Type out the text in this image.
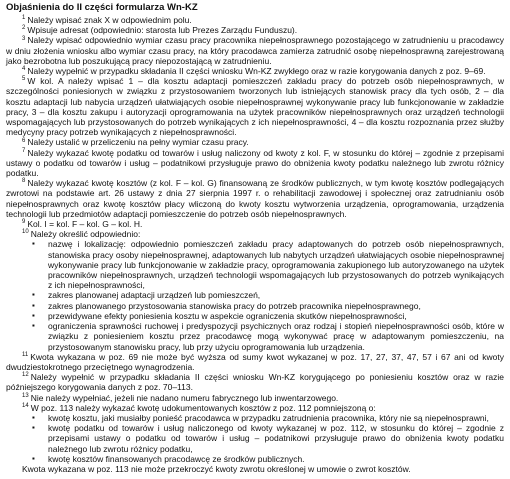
Objaśnienia do II części formularza Wn-KZ

$^1$ Należy wpisać znak X w odpowiednim polu.

$^2$ Wpisuje adresat (odpowiednio: starosta lub Prezes Zarządu Funduszu).

$^3$ Należy wpisać odpowiednio wymiar czasu pracy pracownika niepełnosprawnego pozostającego w zatrudnieniu u pracodawcy w dniu złożenia wniosku albo wymiar czasu pracy, na który pracodawca zamierza zatrudnić osobę niepełnosprawną zarejestrowaną jako bezrobotna lub poszukującą pracy niepozostającą w zatrudnieniu.

$^4$ Należy wypełnić w przypadku składania II części wniosku Wn-KZ zwykłego oraz w razie korygowania danych z poz. 9–69.

$^5$ W kol. A należy wpisać 1 – dla kosztu adaptacji pomieszczeń zakładu pracy do potrzeb osób niepełnosprawnych, w szczególności poniesionych w związku z przystosowaniem tworzonych lub istniejących stanowisk pracy dla tych osób, 2 – dla kosztu adaptacji lub nabycia urządzeń ułatwiających osobie niepełnosprawnej wykonywanie pracy lub funkcjonowanie w zakładzie pracy, 3 – dla kosztu zakupu i autoryzacji oprogramowania na użytek pracowników niepełnosprawnych oraz urządzeń technologii wspomagających lub przystosowanych do potrzeb wynikających z ich niepełnosprawności, 4 – dla kosztu rozpoznania przez służby medycyny pracy potrzeb wynikających z niepełnosprawności.

$^6$ Należy ustalić w przeliczeniu na pełny wymiar czasu pracy.

$^7$ Należy wykazać kwotę podatku od towarów i usług naliczony od kwoty z kol. F, w stosunku do której – zgodnie z przepisami ustawy o podatku od towarów i usług – podatnikowi przysługuje prawo do obniżenia kwoty podatku należnego lub zwrotu różnicy podatku.

$^8$ Należy wykazać kwotę kosztów (z kol. F – kol. G) finansowaną ze środków publicznych, w tym kwotę kosztów podlegających zwrotowi na podstawie art. 26 ustawy z dnia 27 sierpnia 1997 r. o rehabilitacji zawodowej i społecznej oraz zatrudnianiu osób niepełnosprawnych oraz kwotę kosztów płacy wliczoną do kwoty kosztu wytworzenia urządzenia, oprogramowania, urządzenia technologii lub przedmiotów adaptacji pomieszczenie do potrzeb osób niepełnosprawnych.

$^9$ Kol. I = kol. F – kol. G – kol. H.

$^{10}$ Należy określić odpowiednio:

▪ nazwę i lokalizację: odpowiednio pomieszczeń zakładu pracy adaptowanych do potrzeb osób niepełnosprawnych, stanowiska pracy osoby niepełnosprawnej, adaptowanych lub nabytych urządzeń ułatwiających osobie niepełnosprawnej wykonywanie pracy lub funkcjonowanie w zakładzie pracy, oprogramowania zakupionego lub autoryzowanego na użytek pracowników niepełnosprawnych, urządzeń technologii wspomagających lub przystosowanych do potrzeb wynikających z ich niepełnosprawności,
▪ zakres planowanej adaptacji urządzeń lub pomieszczeń,
▪ zakres planowanego przystosowania stanowiska pracy do potrzeb pracownika niepełnosprawnego,
▪ przewidywane efekty poniesienia kosztu w aspekcie ograniczenia skutków niepełnosprawności,
▪ ograniczenia sprawności ruchowej i predyspozycji psychicznych oraz rodzaj i stopień niepełnosprawności osób, które w związku z poniesieniem kosztu przez pracodawcę mogą wykonywać pracę w adaptowanym pomieszczeniu, na przystosowanym stanowisku pracy, lub przy użyciu oprogramowania lub urządzenia.

$^{11}$ Kwota wykazana w poz. 69 nie może być wyższa od sumy kwot wykazanej w poz. 17, 27, 37, 47, 57 i 67 ani od kwoty dwudziestokrotnego przeciętnego wynagrodzenia.

$^{12}$ Należy wypełnić w przypadku składania II części wniosku Wn-KZ korygującego po poniesieniu kosztów oraz w razie późniejszego korygowania danych z poz. 70–113.

$^{13}$ Nie należy wypełniać, jeżeli nie nadano numeru fabrycznego lub inwentarzowego.

$^{14}$ W poz. 113 należy wykazać kwotę udokumentowanych kosztów z poz. 112 pomniejszoną o:

▪ kwotę kosztu, jaki musiałby ponieść pracodawca w przypadku zatrudnienia pracownika, który nie są niepełnosprawni,
▪ kwotę podatku od towarów i usług naliczonego od kwoty wykazanej w poz. 112, w stosunku do której – zgodnie z przepisami ustawy o podatku od towarów i usług – podatnikowi przysługuje prawo do obniżenia kwoty podatku należnego lub zwrotu różnicy podatku,
▪ kwotę kosztów finansowanych pracodawcę ze środków publicznych.

Kwota wykazana w poz. 113 nie może przekroczyć kwoty zwrotu określonej w umowie o zwrot kosztów.
